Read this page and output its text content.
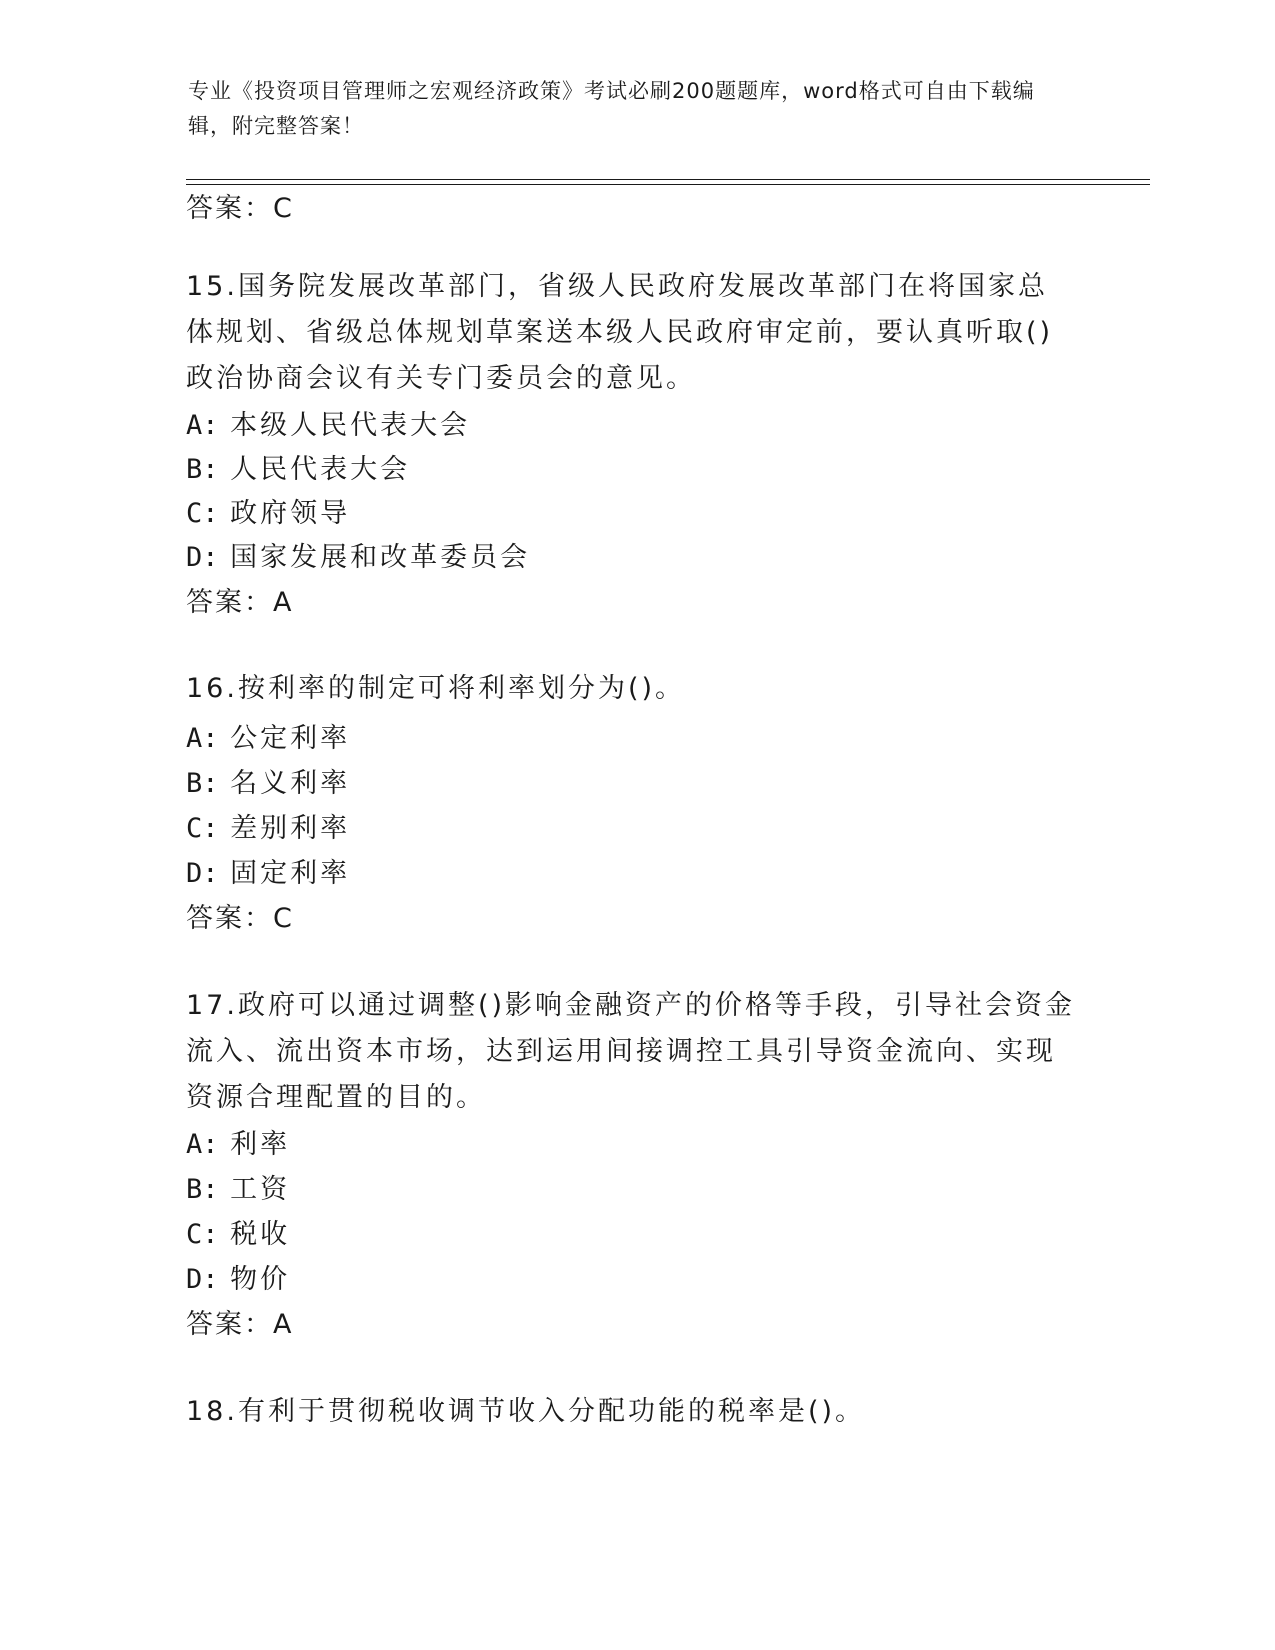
专业《投资项目管理师之宏观经济政策》考试必刷200题题库，word格式可自由下载编辑，附完整答案！
答案：C
15.国务院发展改革部门，省级人民政府发展改革部门在将国家总体规划、省级总体规划草案送本级人民政府审定前，要认真听取()政治协商会议有关专门委员会的意见。
A: 本级人民代表大会
B: 人民代表大会
C: 政府领导
D: 国家发展和改革委员会
答案：A
16.按利率的制定可将利率划分为()。
A: 公定利率
B: 名义利率
C: 差别利率
D: 固定利率
答案：C
17.政府可以通过调整()影响金融资产的价格等手段，引导社会资金流入、流出资本市场，达到运用间接调控工具引导资金流向、实现资源合理配置的目的。
A: 利率
B: 工资
C: 税收
D: 物价
答案：A
18.有利于贯彻税收调节收入分配功能的税率是()。
